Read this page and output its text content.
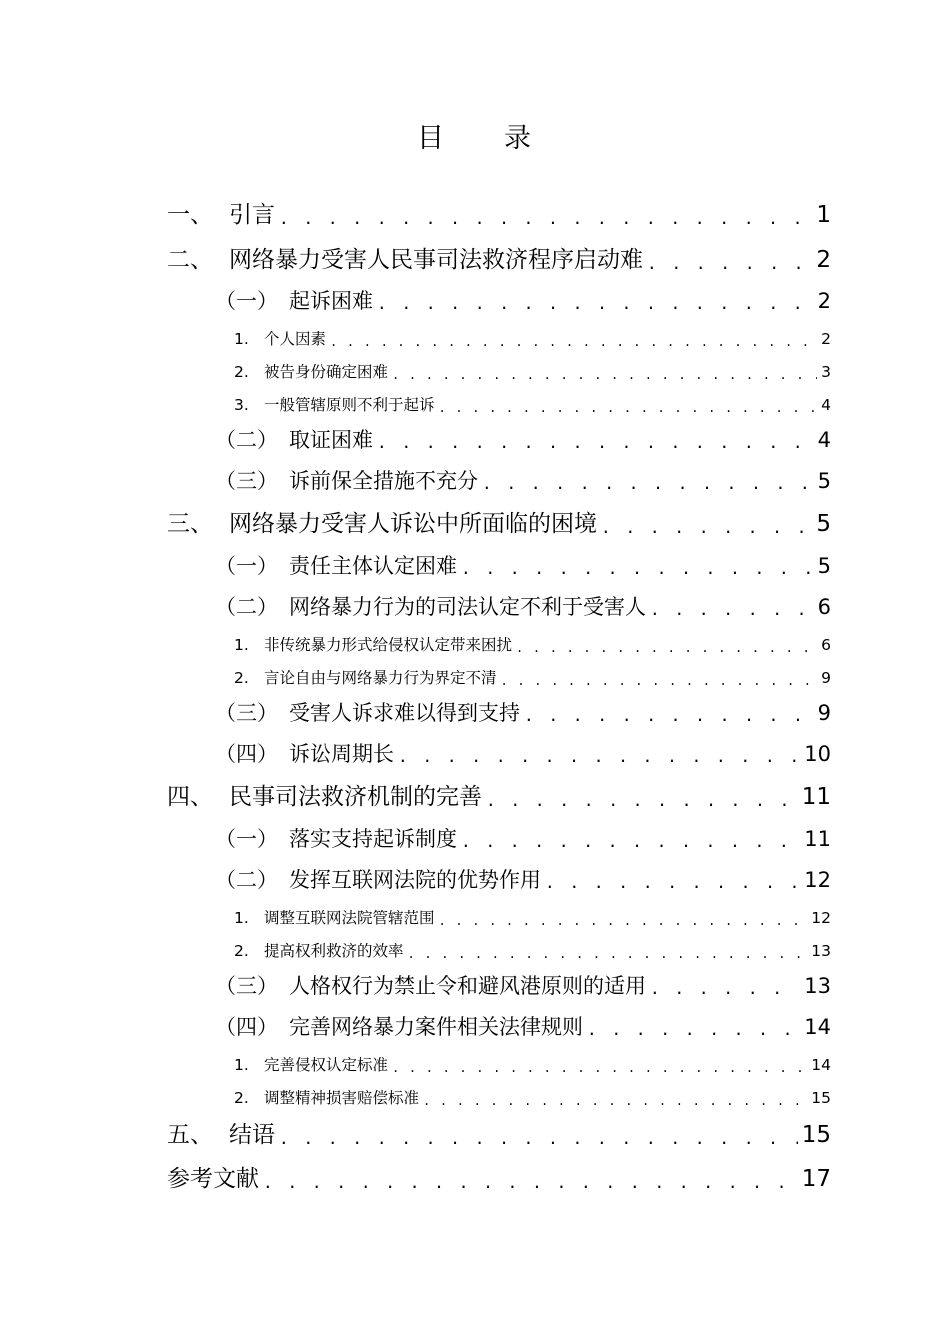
目　　录
一、 引言 . . .	1
二、 网络暴力受害人民事司法救济程序启动难 . . .	2
（一） 起诉困难 . . .	2
1. 个人因素 . . .	2
2. 被告身份确定困难 . . .	3
3. 一般管辖原则不利于起诉 . . .	4
（二） 取证困难 . . .	4
（三） 诉前保全措施不充分 . . .	5
三、 网络暴力受害人诉讼中所面临的困境 . . .	5
（一） 责任主体认定困难 . . .	5
（二） 网络暴力行为的司法认定不利于受害人 . . .	6
1. 非传统暴力形式给侵权认定带来困扰 . . .	6
2. 言论自由与网络暴力行为界定不清 . . .	9
（三） 受害人诉求难以得到支持 . . .	9
（四） 诉讼周期长 . . .	10
四、 民事司法救济机制的完善 . . .	11
（一） 落实支持起诉制度 . . .	11
（二） 发挥互联网法院的优势作用 . . .	12
1. 调整互联网法院管辖范围 . . .	12
2. 提高权利救济的效率 . . .	13
（三） 人格权行为禁止令和避风港原则的适用 . . .	13
（四） 完善网络暴力案件相关法律规则 . . .	14
1. 完善侵权认定标准 . . .	14
2. 调整精神损害赔偿标准 . . .	15
五、 结语 . . .	15
参考文献 . . .	17
